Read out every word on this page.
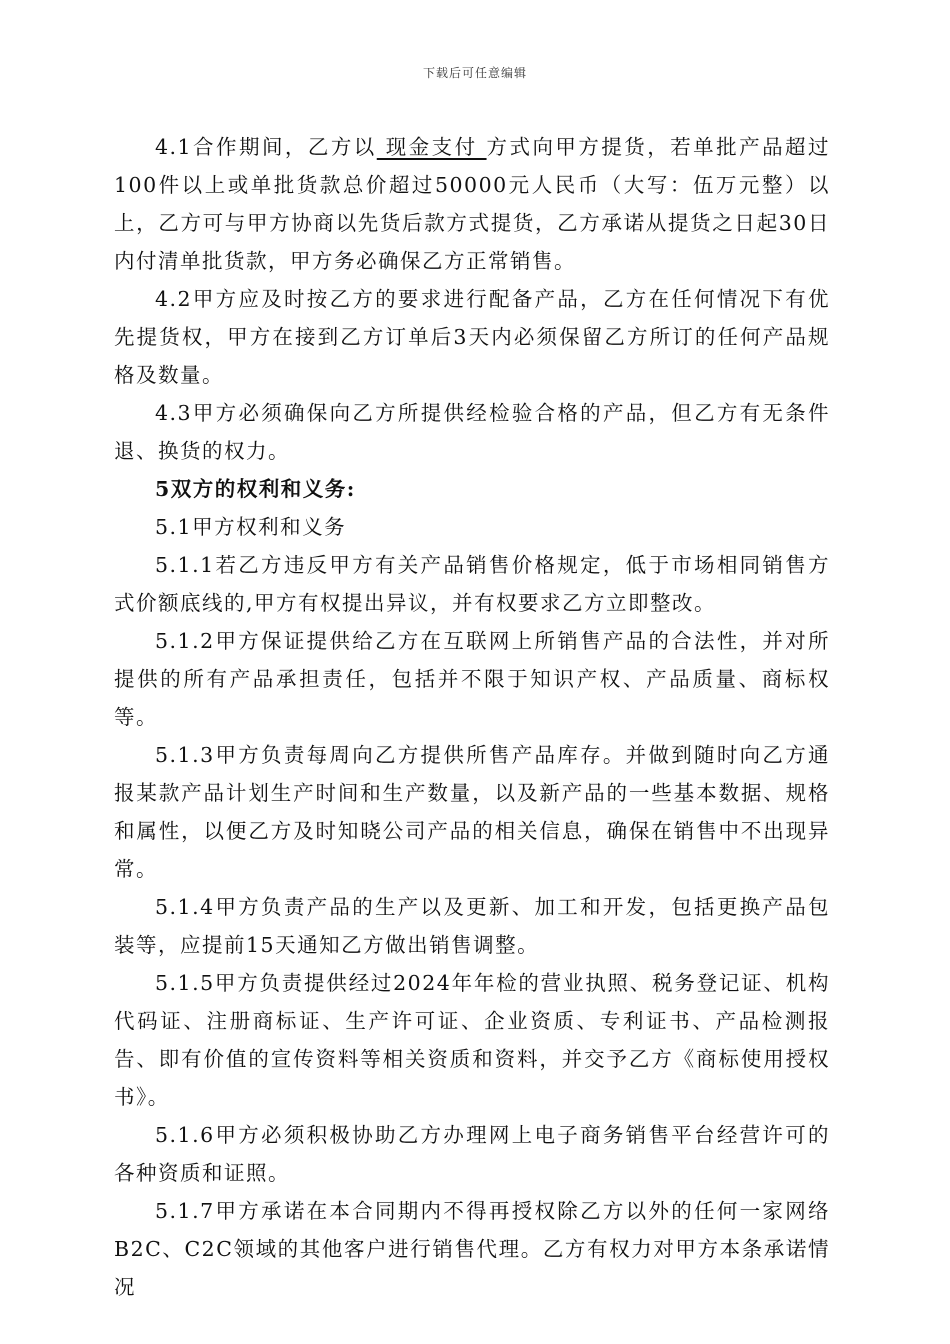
下载后可任意编辑

4.1合作期间，乙方以 现金支付 方式向甲方提货，若单批产品超过100件以上或单批货款总价超过50000元人民币（大写：伍万元整）以上，乙方可与甲方协商以先货后款方式提货，乙方承诺从提货之日起30日内付清单批货款，甲方务必确保乙方正常销售。

4.2甲方应及时按乙方的要求进行配备产品，乙方在任何情况下有优先提货权，甲方在接到乙方订单后3天内必须保留乙方所订的任何产品规格及数量。

4.3甲方必须确保向乙方所提供经检验合格的产品，但乙方有无条件退、换货的权力。

5双方的权利和义务:

5.1甲方权利和义务

5.1.1若乙方违反甲方有关产品销售价格规定，低于市场相同销售方式价额底线的,甲方有权提出异议，并有权要求乙方立即整改。

5.1.2甲方保证提供给乙方在互联网上所销售产品的合法性，并对所提供的所有产品承担责任，包括并不限于知识产权、产品质量、商标权等。

5.1.3甲方负责每周向乙方提供所售产品库存。并做到随时向乙方通报某款产品计划生产时间和生产数量，以及新产品的一些基本数据、规格和属性，以便乙方及时知晓公司产品的相关信息，确保在销售中不出现异常。

5.1.4甲方负责产品的生产以及更新、加工和开发，包括更换产品包装等，应提前15天通知乙方做出销售调整。

5.1.5甲方负责提供经过2024年年检的营业执照、税务登记证、机构代码证、注册商标证、生产许可证、企业资质、专利证书、产品检测报告、即有价值的宣传资料等相关资质和资料，并交予乙方《商标使用授权书》。

5.1.6甲方必须积极协助乙方办理网上电子商务销售平台经营许可的各种资质和证照。

5.1.7甲方承诺在本合同期内不得再授权除乙方以外的任何一家网络B2C、C2C领域的其他客户进行销售代理。乙方有权力对甲方本条承诺情况
